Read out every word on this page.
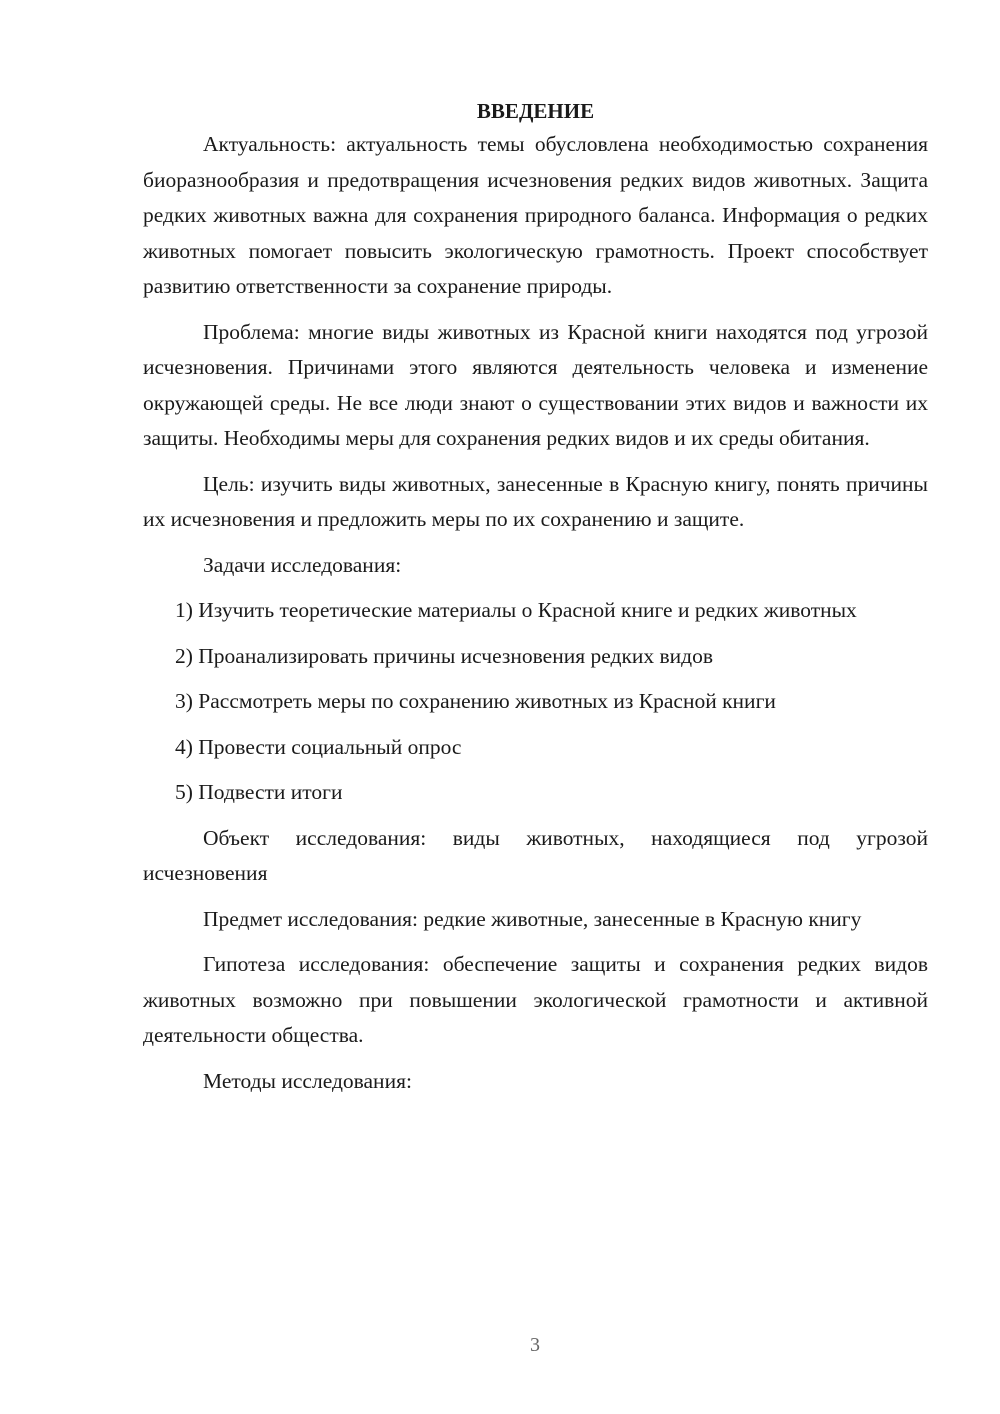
ВВЕДЕНИЕ

Актуальность: актуальность темы обусловлена необходимостью сохранения биоразнообразия и предотвращения исчезновения редких видов животных. Защита редких животных важна для сохранения природного баланса. Информация о редких животных помогает повысить экологическую грамотность. Проект способствует развитию ответственности за сохранение природы.

Проблема: многие виды животных из Красной книги находятся под угрозой исчезновения. Причинами этого являются деятельность человека и изменение окружающей среды. Не все люди знают о существовании этих видов и важности их защиты. Необходимы меры для сохранения редких видов и их среды обитания.

Цель: изучить виды животных, занесенные в Красную книгу, понять причины их исчезновения и предложить меры по их сохранению и защите.

Задачи исследования:

1) Изучить теоретические материалы о Красной книге и редких животных

2) Проанализировать причины исчезновения редких видов

3) Рассмотреть меры по сохранению животных из Красной книги

4) Провести социальный опрос

5) Подвести итоги

Объект исследования: виды животных, находящиеся под угрозой исчезновения

Предмет исследования: редкие животные, занесенные в Красную книгу

Гипотеза исследования: обеспечение защиты и сохранения редких видов животных возможно при повышении экологической грамотности и активной деятельности общества.

Методы исследования:

3
